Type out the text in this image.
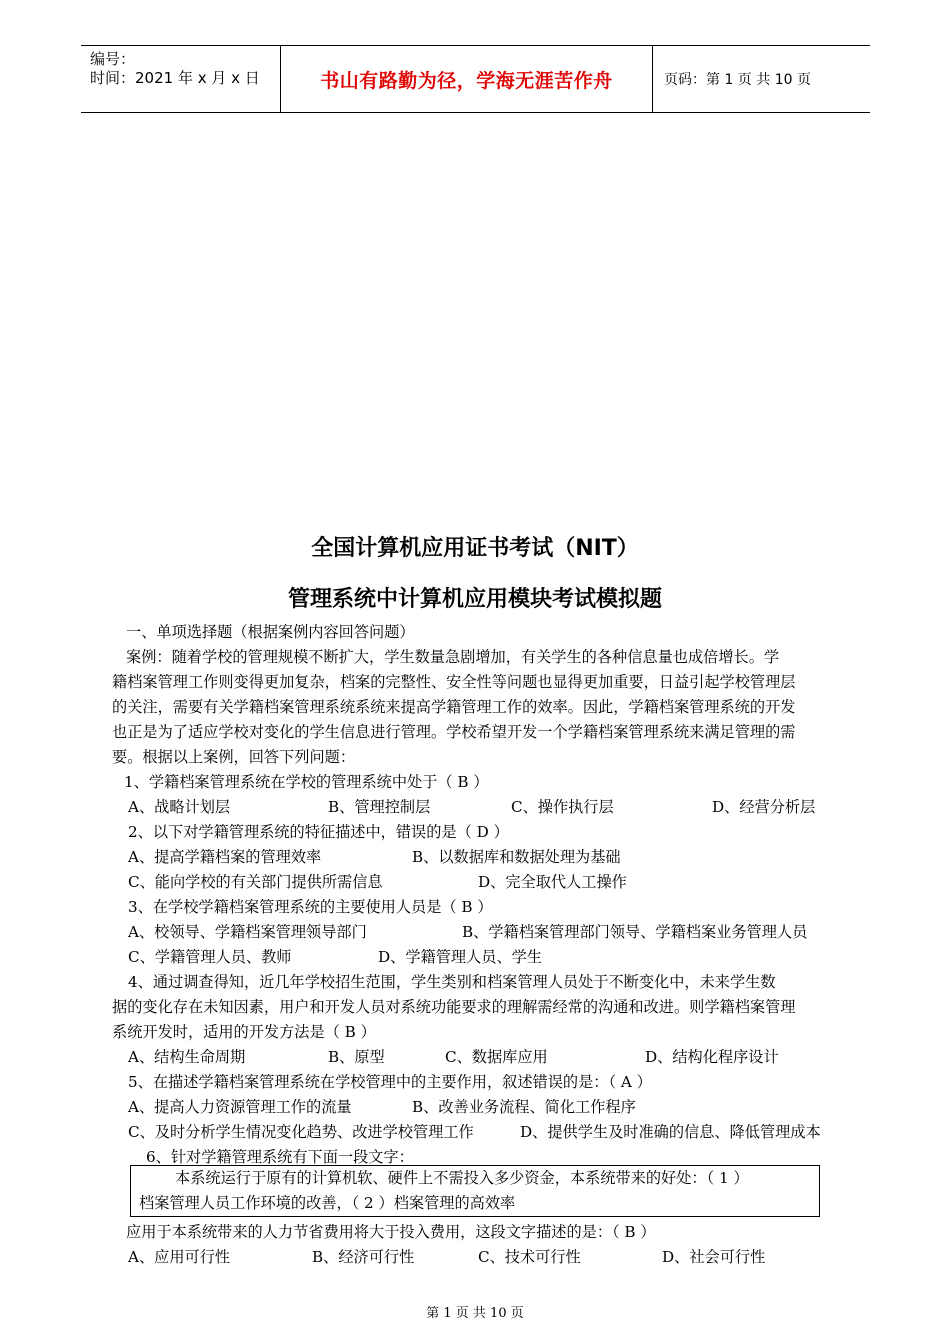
编号：
时间：2021 年 x 月 x 日	书山有路勤为径，学海无涯苦作舟	页码：第 1 页 共 10 页
全国计算机应用证书考试（NIT）
管理系统中计算机应用模块考试模拟题
一、单项选择题（根据案例内容回答问题）
案例：随着学校的管理规模不断扩大，学生数量急剧增加，有关学生的各种信息量也成倍增长。学
籍档案管理工作则变得更加复杂，档案的完整性、安全性等问题也显得更加重要，日益引起学校管理层
的关注，需要有关学籍档案管理系统系统来提高学籍管理工作的效率。因此，学籍档案管理系统的开发
也正是为了适应学校对变化的学生信息进行管理。学校希望开发一个学籍档案管理系统来满足管理的需
要。根据以上案例，回答下列问题：
1、学籍档案管理系统在学校的管理系统中处于（ B ）
A、战略计划层	B、管理控制层	C、操作执行层	D、经营分析层
2、以下对学籍管理系统的特征描述中，错误的是（ D ）
A、提高学籍档案的管理效率	B、以数据库和数据处理为基础
C、能向学校的有关部门提供所需信息	D、完全取代人工操作
3、在学校学籍档案管理系统的主要使用人员是（ B ）
A、校领导、学籍档案管理领导部门	B、学籍档案管理部门领导、学籍档案业务管理人员
C、学籍管理人员、教师	D、学籍管理人员、学生
4、通过调查得知，近几年学校招生范围，学生类别和档案管理人员处于不断变化中，未来学生数
据的变化存在未知因素，用户和开发人员对系统功能要求的理解需经常的沟通和改进。则学籍档案管理
系统开发时，适用的开发方法是（ B ）
A、结构生命周期	B、原型	C、数据库应用	D、结构化程序设计
5、在描述学籍档案管理系统在学校管理中的主要作用，叙述错误的是：（ A ）
A、提高人力资源管理工作的流量	B、改善业务流程、简化工作程序
C、及时分析学生情况变化趋势、改进学校管理工作	D、提供学生及时准确的信息、降低管理成本
6、针对学籍管理系统有下面一段文字：
本系统运行于原有的计算机软、硬件上不需投入多少资金，本系统带来的好处：（ 1 ）
档案管理人员工作环境的改善，（ 2 ）档案管理的高效率
应用于本系统带来的人力节省费用将大于投入费用，这段文字描述的是：（ B ）
A、应用可行性	B、经济可行性	C、技术可行性	D、社会可行性
第 1 页 共 10 页
